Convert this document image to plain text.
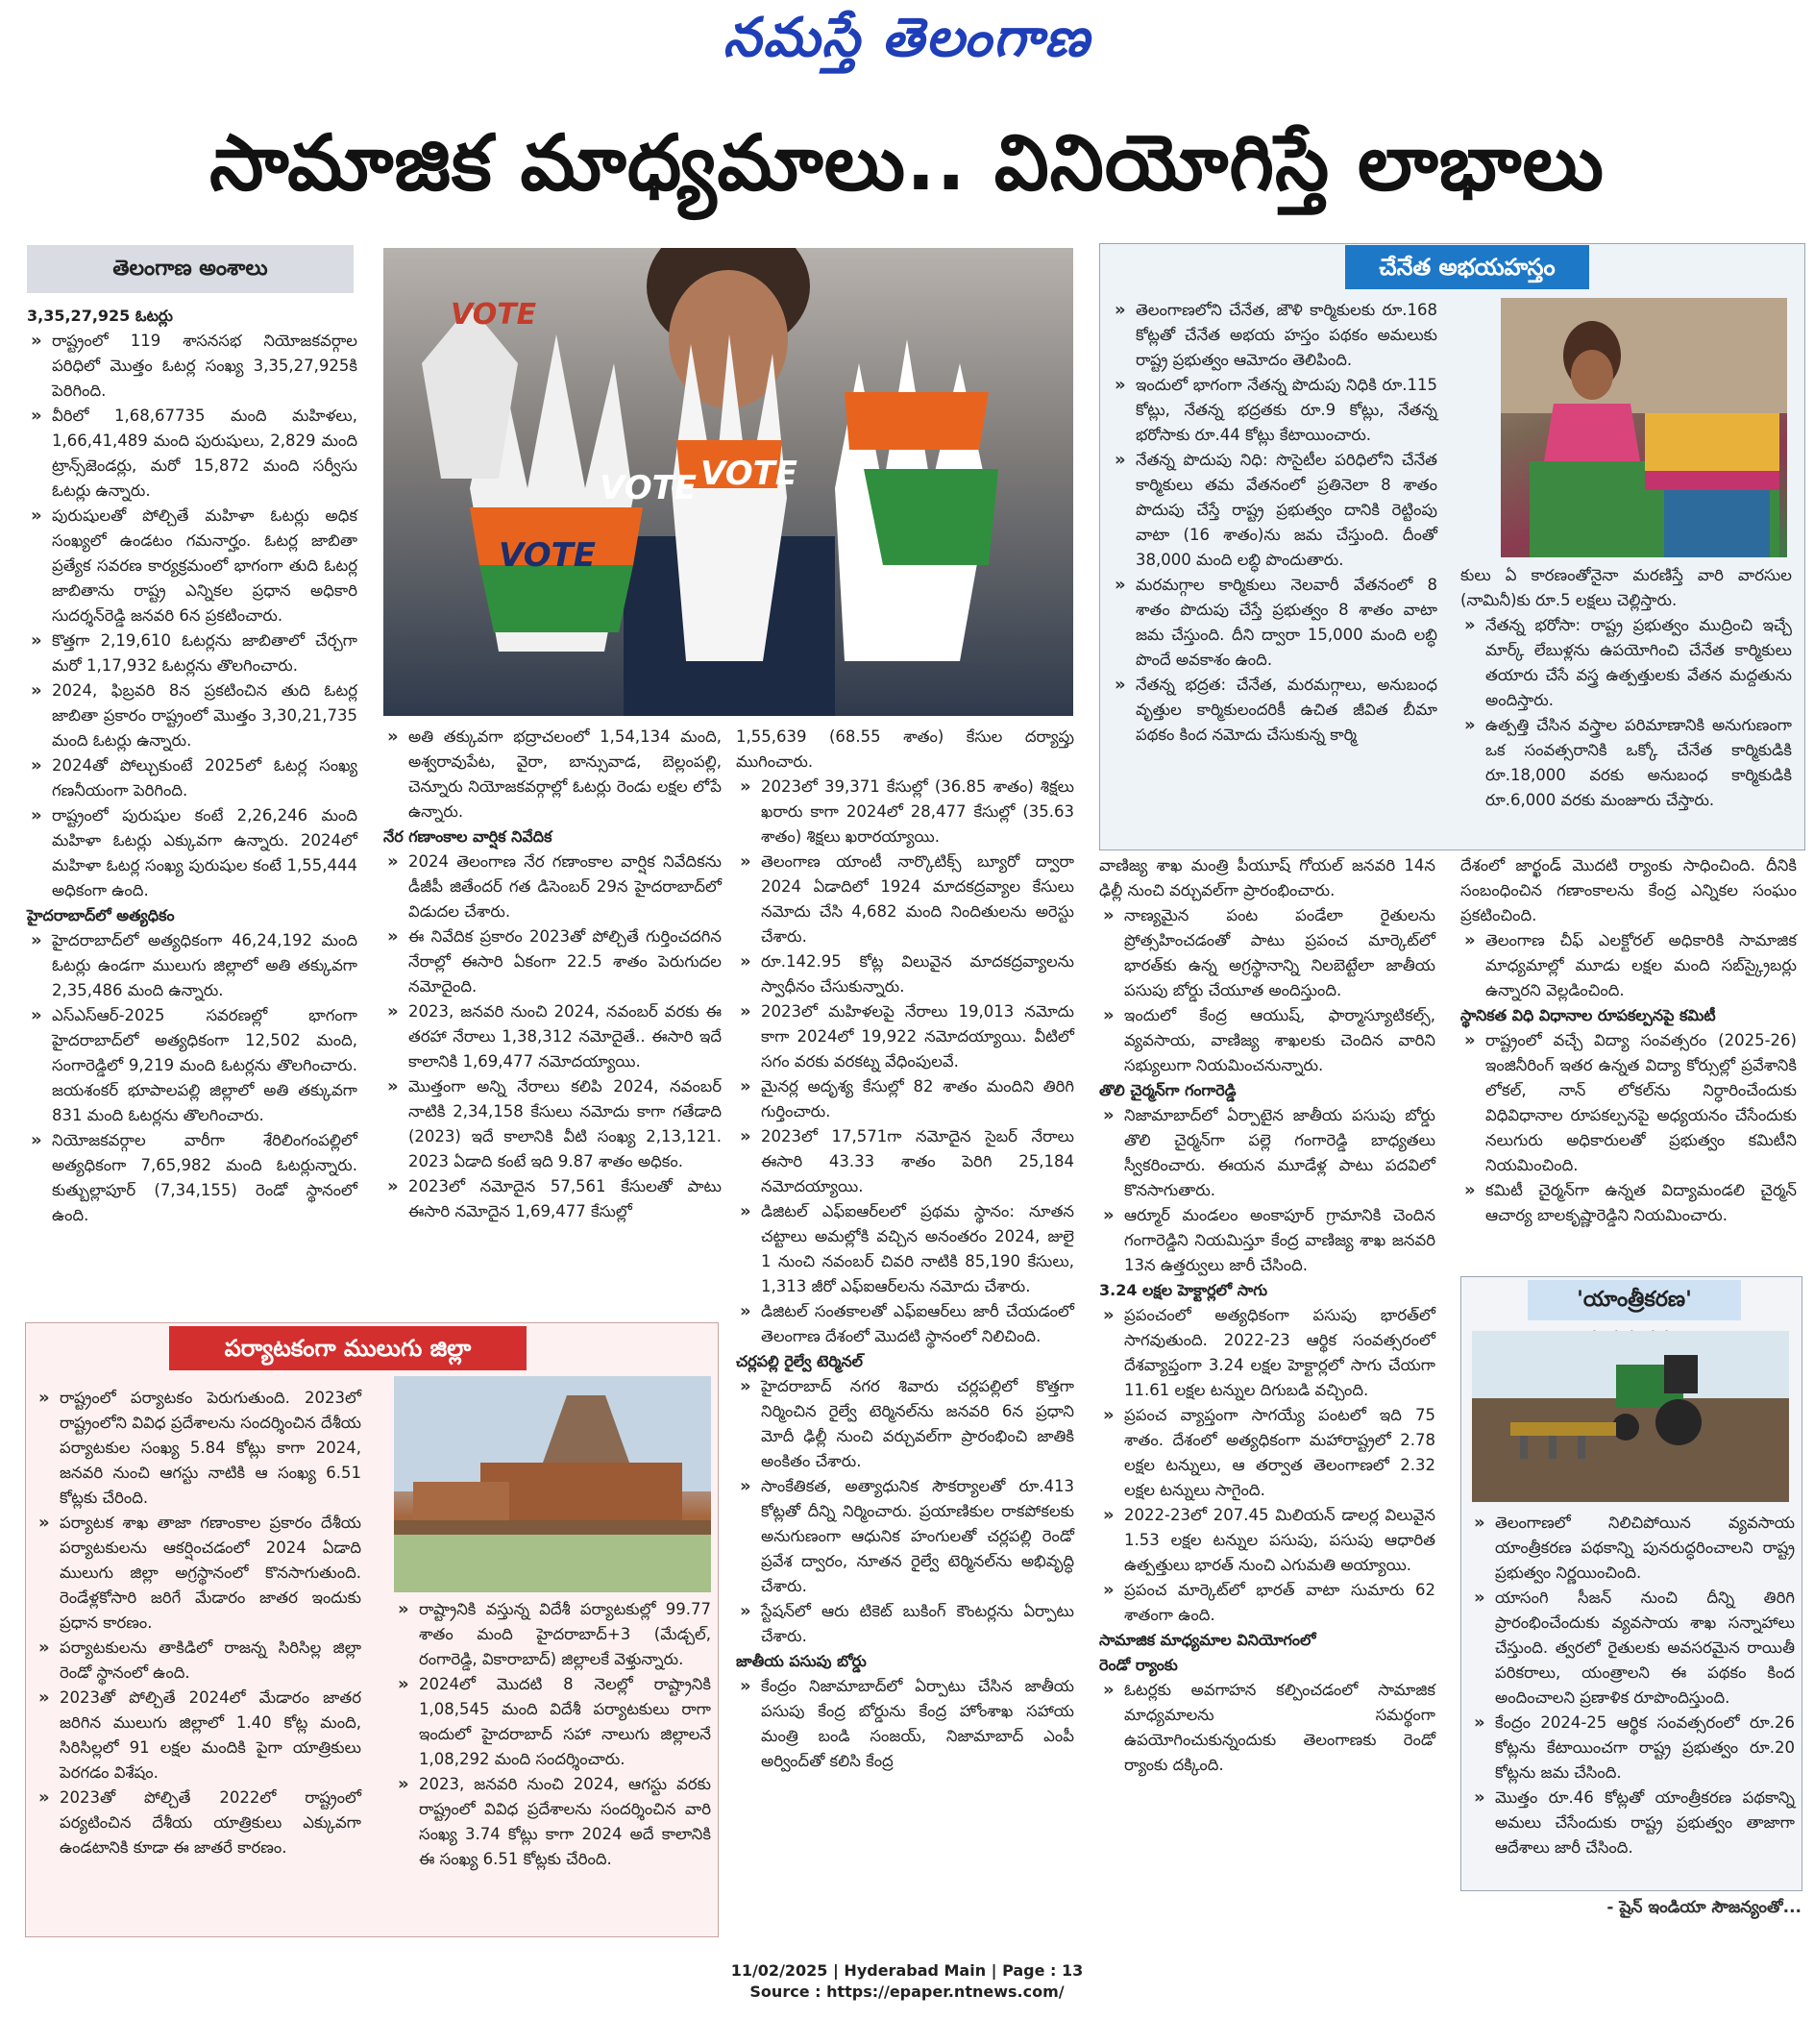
నమస్తే తెలంగాణ
సామాజిక మాధ్యమాలు.. వినియోగిస్తే లాభాలు
తెలంగాణ అంశాలు
3,35,27,925 ఓటర్లు

» రాష్ట్రంలో 119 శాసనసభ నియోజకవర్గాల పరిధిలో మొత్తం ఓటర్ల సంఖ్య 3,35,27,925కి పెరిగింది.

» వీరిలో 1,68,67735 మంది మహిళలు, 1,66,41,489 మంది పురుషులు, 2,829 మంది ట్రాన్స్‌జెండర్లు, మరో 15,872 మంది సర్వీసు ఓటర్లు ఉన్నారు.

» పురుషులతో పోల్చితే మహిళా ఓటర్లు అధిక సంఖ్యలో ఉండటం గమనార్హం. ఓటర్ల జాబితా ప్రత్యేక సవరణ కార్యక్రమంలో భాగంగా తుది ఓటర్ల జాబితాను రాష్ట్ర ఎన్నికల ప్రధాన అధికారి సుదర్శన్‌రెడ్డి జనవరి 6న ప్రకటించారు.

» కొత్తగా 2,19,610 ఓటర్లను జాబితాలో చేర్చగా మరో 1,17,932 ఓటర్లను తొలగించారు.

» 2024, ఫిబ్రవరి 8న ప్రకటించిన తుది ఓటర్ల జాబితా ప్రకారం రాష్ట్రంలో మొత్తం 3,30,21,735 మంది ఓటర్లు ఉన్నారు.

» 2024తో పోల్చుకుంటే 2025లో ఓటర్ల సంఖ్య గణనీయంగా పెరిగింది.

» రాష్ట్రంలో పురుషుల కంటే 2,26,246 మంది మహిళా ఓటర్లు ఎక్కువగా ఉన్నారు. 2024లో మహిళా ఓటర్ల సంఖ్య పురుషుల కంటే 1,55,444 అధికంగా ఉంది.

హైదరాబాద్‌లో అత్యధికం

» హైదరాబాద్‌లో అత్యధికంగా 46,24,192 మంది ఓటర్లు ఉండగా ములుగు జిల్లాలో అతి తక్కువగా 2,35,486 మంది ఉన్నారు.

» ఎస్‌ఎస్‌ఆర్‌-2025 సవరణల్లో భాగంగా హైదరాబాద్‌లో అత్యధికంగా 12,502 మంది, సంగారెడ్డిలో 9,219 మంది ఓటర్లను తొలగించారు. జయశంకర్‌ భూపాలపల్లి జిల్లాలో అతి తక్కువగా 831 మంది ఓటర్లను తొలగించారు.

» నియోజకవర్గాల వారీగా శేరిలింగంపల్లిలో అత్యధికంగా 7,65,982 మంది ఓటర్లున్నారు. కుత్బుల్లాపూర్‌ (7,34,155) రెండో స్థానంలో ఉంది.

VOTE
VOTE VOTE
VOTE

» అతి తక్కువగా భద్రాచలంలో 1,54,134 మంది, అశ్వరావుపేట, వైరా, బాన్సువాడ, బెల్లంపల్లి, చెన్నూరు నియోజకవర్గాల్లో ఓటర్లు రెండు లక్షల లోపే ఉన్నారు.

నేర గణాంకాల వార్షిక నివేదిక

» 2024 తెలంగాణ నేర గణాంకాల వార్షిక నివేదికను డీజీపీ జితేందర్‌ గత డిసెంబర్‌ 29న హైదరాబాద్‌లో విడుదల చేశారు.

» ఈ నివేదిక ప్రకారం 2023తో పోల్చితే గుర్తించదగిన నేరాల్లో ఈసారి ఏకంగా 22.5 శాతం పెరుగుదల నమోదైంది.

» 2023, జనవరి నుంచి 2024, నవంబర్‌ వరకు ఈ తరహా నేరాలు 1,38,312 నమోదైతే.. ఈసారి ఇదే కాలానికి 1,69,477 నమోదయ్యాయి.

» మొత్తంగా అన్ని నేరాలు కలిపి 2024, నవంబర్‌ నాటికి 2,34,158 కేసులు నమోదు కాగా గతేడాది (2023) ఇదే కాలానికి వీటి సంఖ్య 2,13,121. 2023 ఏడాది కంటే ఇది 9.87 శాతం అధికం.

» 2023లో నమోదైన 57,561 కేసులతో పాటు ఈసారి నమోదైన 1,69,477 కేసుల్లో

1,55,639 (68.55 శాతం) కేసుల దర్యాప్తు ముగించారు.

» 2023లో 39,371 కేసుల్లో (36.85 శాతం) శిక్షలు ఖరారు కాగా 2024లో 28,477 కేసుల్లో (35.63 శాతం) శిక్షలు ఖరారయ్యాయి.

» తెలంగాణ యాంటీ నార్కొటిక్స్‌ బ్యూరో ద్వారా 2024 ఏడాదిలో 1924 మాదకద్రవ్యాల కేసులు నమోదు చేసి 4,682 మంది నిందితులను అరెస్టు చేశారు.

» రూ.142.95 కోట్ల విలువైన మాదకద్రవ్యాలను స్వాధీనం చేసుకున్నారు.

» 2023లో మహిళలపై నేరాలు 19,013 నమోదు కాగా 2024లో 19,922 నమోదయ్యాయి. వీటిలో సగం వరకు వరకట్న వేధింపులవే.

» మైనర్ల అదృశ్య కేసుల్లో 82 శాతం మందిని తిరిగి గుర్తించారు.

» 2023లో 17,571గా నమోదైన సైబర్‌ నేరాలు ఈసారి 43.33 శాతం పెరిగి 25,184 నమోదయ్యాయి.

» డిజిటల్‌ ఎఫ్‌ఐఆర్‌లలో ప్రథమ స్థానం: నూతన చట్టాలు అమల్లోకి వచ్చిన అనంతరం 2024, జులై 1 నుంచి నవంబర్‌ చివరి నాటికి 85,190 కేసులు, 1,313 జీరో ఎఫ్‌ఐఆర్‌లను నమోదు చేశారు.

» డిజిటల్‌ సంతకాలతో ఎఫ్‌ఐఆర్‌లు జారీ చేయడంలో తెలంగాణ దేశంలో మొదటి స్థానంలో నిలిచింది.

చర్లపల్లి రైల్వే టెర్మినల్‌

» హైదరాబాద్‌ నగర శివారు చర్లపల్లిలో కొత్తగా నిర్మించిన రైల్వే టెర్మినల్‌ను జనవరి 6న ప్రధాని మోదీ ఢిల్లీ నుంచి వర్చువల్‌గా ప్రారంభించి జాతికి అంకితం చేశారు.

» సాంకేతికత, అత్యాధునిక సౌకర్యాలతో రూ.413 కోట్లతో దీన్ని నిర్మించారు. ప్రయాణికుల రాకపోకలకు అనుగుణంగా ఆధునిక హంగులతో చర్లపల్లి రెండో ప్రవేశ ద్వారం, నూతన రైల్వే టెర్మినల్‌ను అభివృద్ధి చేశారు.

» స్టేషన్‌లో ఆరు టికెట్‌ బుకింగ్‌ కౌంటర్లను ఏర్పాటు చేశారు.

జాతీయ పసుపు బోర్డు

» కేంద్రం నిజామాబాద్‌లో ఏర్పాటు చేసిన జాతీయ పసుపు కేంద్ర బోర్డును కేంద్ర హోంశాఖ సహాయ మంత్రి బండి సంజయ్‌, నిజామాబాద్‌ ఎంపీ అర్వింద్‌తో కలిసి కేంద్ర

చేనేత అభయహస్తం

» తెలంగాణలోని చేనేత, జౌళి కార్మికులకు రూ.168 కోట్లతో చేనేత అభయ హస్తం పథకం అమలుకు రాష్ట్ర ప్రభుత్వం ఆమోదం తెలిపింది.

» ఇందులో భాగంగా నేతన్న పొదుపు నిధికి రూ.115 కోట్లు, నేతన్న భద్రతకు రూ.9 కోట్లు, నేతన్న భరోసాకు రూ.44 కోట్లు కేటాయించారు.

» నేతన్న పొదుపు నిధి: సొసైటీల పరిధిలోని చేనేత కార్మికులు తమ వేతనంలో ప్రతినెలా 8 శాతం పొదుపు చేస్తే రాష్ట్ర ప్రభుత్వం దానికి రెట్టింపు వాటా (16 శాతం)ను జమ చేస్తుంది. దీంతో 38,000 మంది లబ్ధి పొందుతారు.

» మరమగ్గాల కార్మికులు నెలవారీ వేతనంలో 8 శాతం పొదుపు చేస్తే ప్రభుత్వం 8 శాతం వాటా జమ చేస్తుంది. దీని ద్వారా 15,000 మంది లబ్ధి పొందే అవకాశం ఉంది.

» నేతన్న భద్రత: చేనేత, మరమగ్గాలు, అనుబంధ వృత్తుల కార్మికులందరికీ ఉచిత జీవిత బీమా పథకం కింద నమోదు చేసుకున్న కార్మి

కులు ఏ కారణంతోనైనా మరణిస్తే వారి వారసుల (నామినీ)కు రూ.5 లక్షలు చెల్లిస్తారు.

» నేతన్న భరోసా: రాష్ట్ర ప్రభుత్వం ముద్రించి ఇచ్చే మార్క్‌ లేబుళ్లను ఉపయోగించి చేనేత కార్మికులు తయారు చేసే వస్త్ర ఉత్పత్తులకు వేతన మద్దతును అందిస్తారు.

» ఉత్పత్తి చేసిన వస్త్రాల పరిమాణానికి అనుగుణంగా ఒక సంవత్సరానికి ఒక్కో చేనేత కార్మికుడికి రూ.18,000 వరకు అనుబంధ కార్మికుడికి రూ.6,000 వరకు మంజూరు చేస్తారు.

వాణిజ్య శాఖ మంత్రి పీయూష్‌ గోయల్‌ జనవరి 14న ఢిల్లీ నుంచి వర్చువల్‌గా ప్రారంభించారు.

» నాణ్యమైన పంట పండేలా రైతులను ప్రోత్సహించడంతో పాటు ప్రపంచ మార్కెట్‌లో భారత్‌కు ఉన్న అగ్రస్థానాన్ని నిలబెట్టేలా జాతీయ పసుపు బోర్డు చేయూత అందిస్తుంది.

» ఇందులో కేంద్ర ఆయుష్‌, ఫార్మాస్యూటికల్స్‌, వ్యవసాయ, వాణిజ్య శాఖలకు చెందిన వారిని సభ్యులుగా నియమించనున్నారు.

తొలి చైర్మన్‌గా గంగారెడ్డి

» నిజామాబాద్‌లో ఏర్పాటైన జాతీయ పసుపు బోర్డు తొలి చైర్మన్‌గా పల్లె గంగారెడ్డి బాధ్యతలు స్వీకరించారు. ఈయన మూడేళ్ల పాటు పదవిలో కొనసాగుతారు.

» ఆర్మూర్‌ మండలం అంకాపూర్‌ గ్రామానికి చెందిన గంగారెడ్డిని నియమిస్తూ కేంద్ర వాణిజ్య శాఖ జనవరి 13న ఉత్తర్వులు జారీ చేసింది.

3.24 లక్షల హెక్టార్లలో సాగు

» ప్రపంచంలో అత్యధికంగా పసుపు భారత్‌లో సాగవుతుంది. 2022-23 ఆర్థిక సంవత్సరంలో దేశవ్యాప్తంగా 3.24 లక్షల హెక్టార్లలో సాగు చేయగా 11.61 లక్షల టన్నుల దిగుబడి వచ్చింది.

» ప్రపంచ వ్యాప్తంగా సాగయ్యే పంటలో ఇది 75 శాతం. దేశంలో అత్యధికంగా మహారాష్ట్రలో 2.78 లక్షల టన్నులు, ఆ తర్వాత తెలంగాణలో 2.32 లక్షల టన్నులు సాగైంది.

» 2022-23లో 207.45 మిలియన్‌ డాలర్ల విలువైన 1.53 లక్షల టన్నుల పసుపు, పసుపు ఆధారిత ఉత్పత్తులు భారత్‌ నుంచి ఎగుమతి అయ్యాయి.

» ప్రపంచ మార్కెట్‌లో భారత్‌ వాటా సుమారు 62 శాతంగా ఉంది.

సామాజిక మాధ్యమాల వినియోగంలో
రెండో ర్యాంకు

» ఓటర్లకు అవగాహన కల్పించడంలో సామాజిక మాధ్యమాలను సమర్థంగా ఉపయోగించుకున్నందుకు తెలంగాణకు రెండో ర్యాంకు దక్కింది.

దేశంలో జార్ఖండ్‌ మొదటి ర్యాంకు సాధించింది. దీనికి సంబంధించిన గణాంకాలను కేంద్ర ఎన్నికల సంఘం ప్రకటించింది.

» తెలంగాణ చీఫ్‌ ఎలక్టోరల్‌ అధికారికి సామాజిక మాధ్యమాల్లో మూడు లక్షల మంది సబ్‌స్క్రైబర్లు ఉన్నారని వెల్లడించింది.

స్థానికత విధి విధానాల రూపకల్పనపై కమిటీ

» రాష్ట్రంలో వచ్చే విద్యా సంవత్సరం (2025-26) ఇంజినీరింగ్‌ ఇతర ఉన్నత విద్యా కోర్సుల్లో ప్రవేశానికి లోకల్‌, నాన్‌ లోకల్‌ను నిర్ధారించేందుకు విధివిధానాల రూపకల్పనపై అధ్యయనం చేసేందుకు నలుగురు అధికారులతో ప్రభుత్వం కమిటీని నియమించింది.

» కమిటీ చైర్మన్‌గా ఉన్నత విద్యామండలి చైర్మన్‌ ఆచార్య బాలకృష్ణారెడ్డిని నియమించారు.

పర్యాటకంగా ములుగు జిల్లా

» రాష్ట్రంలో పర్యాటకం పెరుగుతుంది. 2023లో రాష్ట్రంలోని వివిధ ప్రదేశాలను సందర్శించిన దేశీయ పర్యాటకుల సంఖ్య 5.84 కోట్లు కాగా 2024, జనవరి నుంచి ఆగస్టు నాటికి ఆ సంఖ్య 6.51 కోట్లకు చేరింది.

» పర్యాటక శాఖ తాజా గణాంకాల ప్రకారం దేశీయ పర్యాటకులను ఆకర్షించడంలో 2024 ఏడాది ములుగు జిల్లా అగ్రస్థానంలో కొనసాగుతుంది. రెండేళ్లకోసారి జరిగే మేడారం జాతర ఇందుకు ప్రధాన కారణం.

» పర్యాటకులను తాకిడిలో రాజన్న సిరిసిల్ల జిల్లా రెండో స్థానంలో ఉంది.

» 2023తో పోల్చితే 2024లో మేడారం జాతర జరిగిన ములుగు జిల్లాలో 1.40 కోట్ల మంది, సిరిసిల్లలో 91 లక్షల మందికి పైగా యాత్రికులు పెరగడం విశేషం.

» 2023తో పోల్చితే 2022లో రాష్ట్రంలో పర్యటించిన దేశీయ యాత్రికులు ఎక్కువగా ఉండటానికి కూడా ఈ జాతరే కారణం.

» రాష్ట్రానికి వస్తున్న విదేశీ పర్యాటకుల్లో 99.77 శాతం మంది హైదరాబాద్‌+3 (మేడ్చల్‌, రంగారెడ్డి, వికారాబాద్‌) జిల్లాలకే వెళ్తున్నారు.

» 2024లో మొదటి 8 నెలల్లో రాష్ట్రానికి 1,08,545 మంది విదేశీ పర్యాటకులు రాగా ఇందులో హైదరాబాద్‌ సహా నాలుగు జిల్లాలనే 1,08,292 మంది సందర్శించారు.

» 2023, జనవరి నుంచి 2024, ఆగస్టు వరకు రాష్ట్రంలో వివిధ ప్రదేశాలను సందర్శించిన వారి సంఖ్య 3.74 కోట్లు కాగా 2024 అదే కాలానికి ఈ సంఖ్య 6.51 కోట్లకు చేరింది.

'యాంత్రీకరణ'

» తెలంగాణలో నిలిచిపోయిన వ్యవసాయ యాంత్రీకరణ పథకాన్ని పునరుద్ధరించాలని రాష్ట్ర ప్రభుత్వం నిర్ణయించింది.

» యాసంగి సీజన్‌ నుంచి దీన్ని తిరిగి ప్రారంభించేందుకు వ్యవసాయ శాఖ సన్నాహాలు చేస్తుంది. త్వరలో రైతులకు అవసరమైన రాయితీ పరికరాలు, యంత్రాలని ఈ పథకం కింద అందించాలని ప్రణాళిక రూపొందిస్తుంది.

» కేంద్రం 2024-25 ఆర్థిక సంవత్సరంలో రూ.26 కోట్లను కేటాయించగా రాష్ట్ర ప్రభుత్వం రూ.20 కోట్లను జమ చేసింది.

» మొత్తం రూ.46 కోట్లతో యాంత్రీకరణ పథకాన్ని అమలు చేసేందుకు రాష్ట్ర ప్రభుత్వం తాజాగా ఆదేశాలు జారీ చేసింది.

- షైన్‌ ఇండియా సౌజన్యంతో...
11/02/2025 | Hyderabad Main | Page : 13
Source : https://epaper.ntnews.com/
